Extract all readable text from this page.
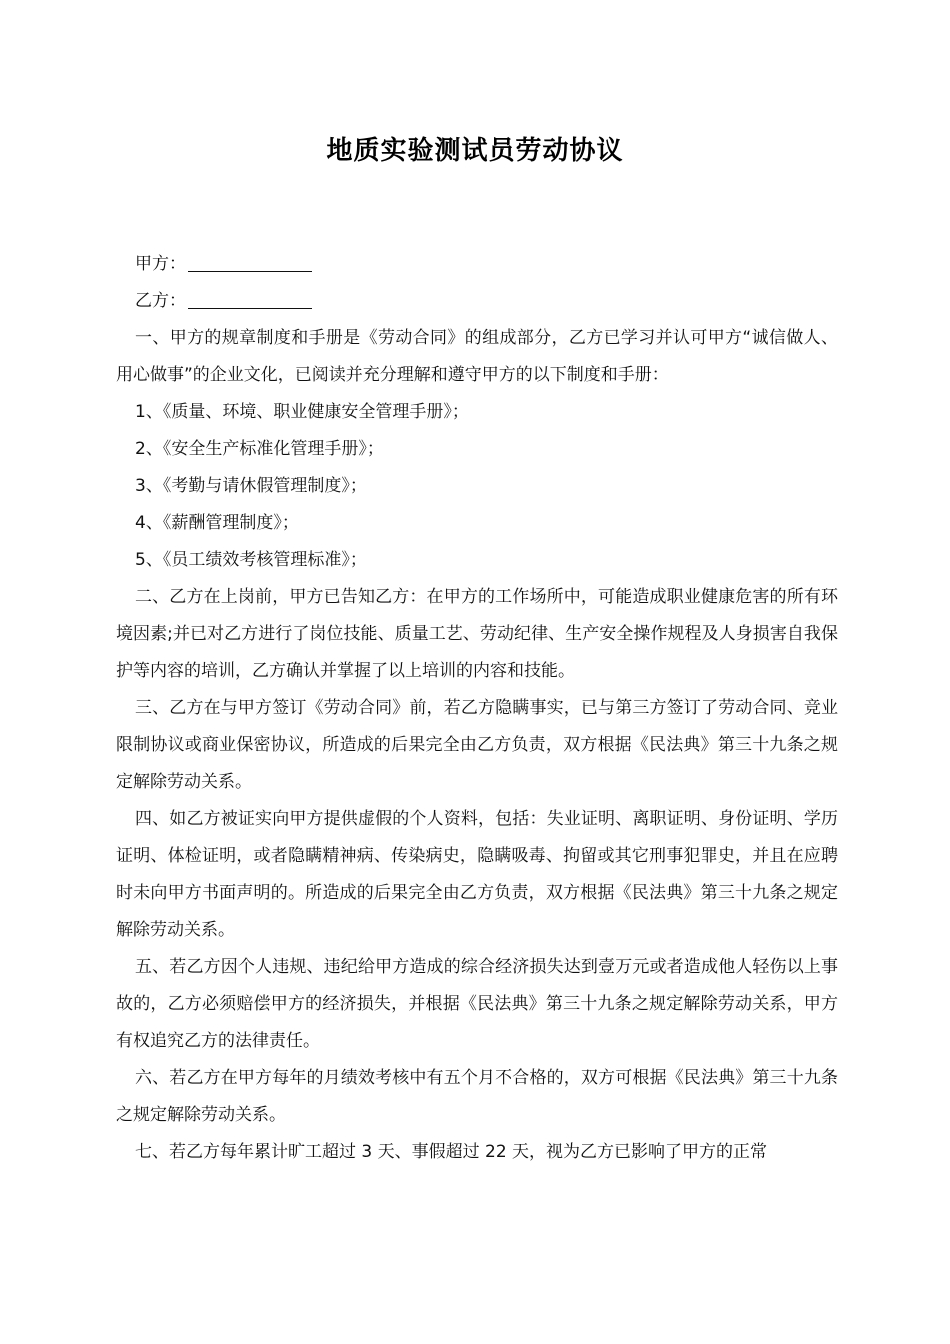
地质实验测试员劳动协议

甲方：

乙方：

一、甲方的规章制度和手册是《劳动合同》的组成部分，乙方已学习并认可甲方“诚信做人、用心做事”的企业文化，已阅读并充分理解和遵守甲方的以下制度和手册：

1、《质量、环境、职业健康安全管理手册》；

2、《安全生产标准化管理手册》；

3、《考勤与请休假管理制度》；

4、《薪酬管理制度》；

5、《员工绩效考核管理标准》；

二、乙方在上岗前，甲方已告知乙方：在甲方的工作场所中，可能造成职业健康危害的所有环境因素;并已对乙方进行了岗位技能、质量工艺、劳动纪律、生产安全操作规程及人身损害自我保护等内容的培训，乙方确认并掌握了以上培训的内容和技能。

三、乙方在与甲方签订《劳动合同》前，若乙方隐瞒事实，已与第三方签订了劳动合同、竞业限制协议或商业保密协议，所造成的后果完全由乙方负责，双方根据《民法典》第三十九条之规定解除劳动关系。

四、如乙方被证实向甲方提供虚假的个人资料，包括：失业证明、离职证明、身份证明、学历证明、体检证明，或者隐瞒精神病、传染病史，隐瞒吸毒、拘留或其它刑事犯罪史，并且在应聘时未向甲方书面声明的。所造成的后果完全由乙方负责，双方根据《民法典》第三十九条之规定解除劳动关系。

五、若乙方因个人违规、违纪给甲方造成的综合经济损失达到壹万元或者造成他人轻伤以上事故的，乙方必须赔偿甲方的经济损失，并根据《民法典》第三十九条之规定解除劳动关系，甲方有权追究乙方的法律责任。

六、若乙方在甲方每年的月绩效考核中有五个月不合格的，双方可根据《民法典》第三十九条之规定解除劳动关系。

七、若乙方每年累计旷工超过 3 天、事假超过 22 天，视为乙方已影响了甲方的正常
